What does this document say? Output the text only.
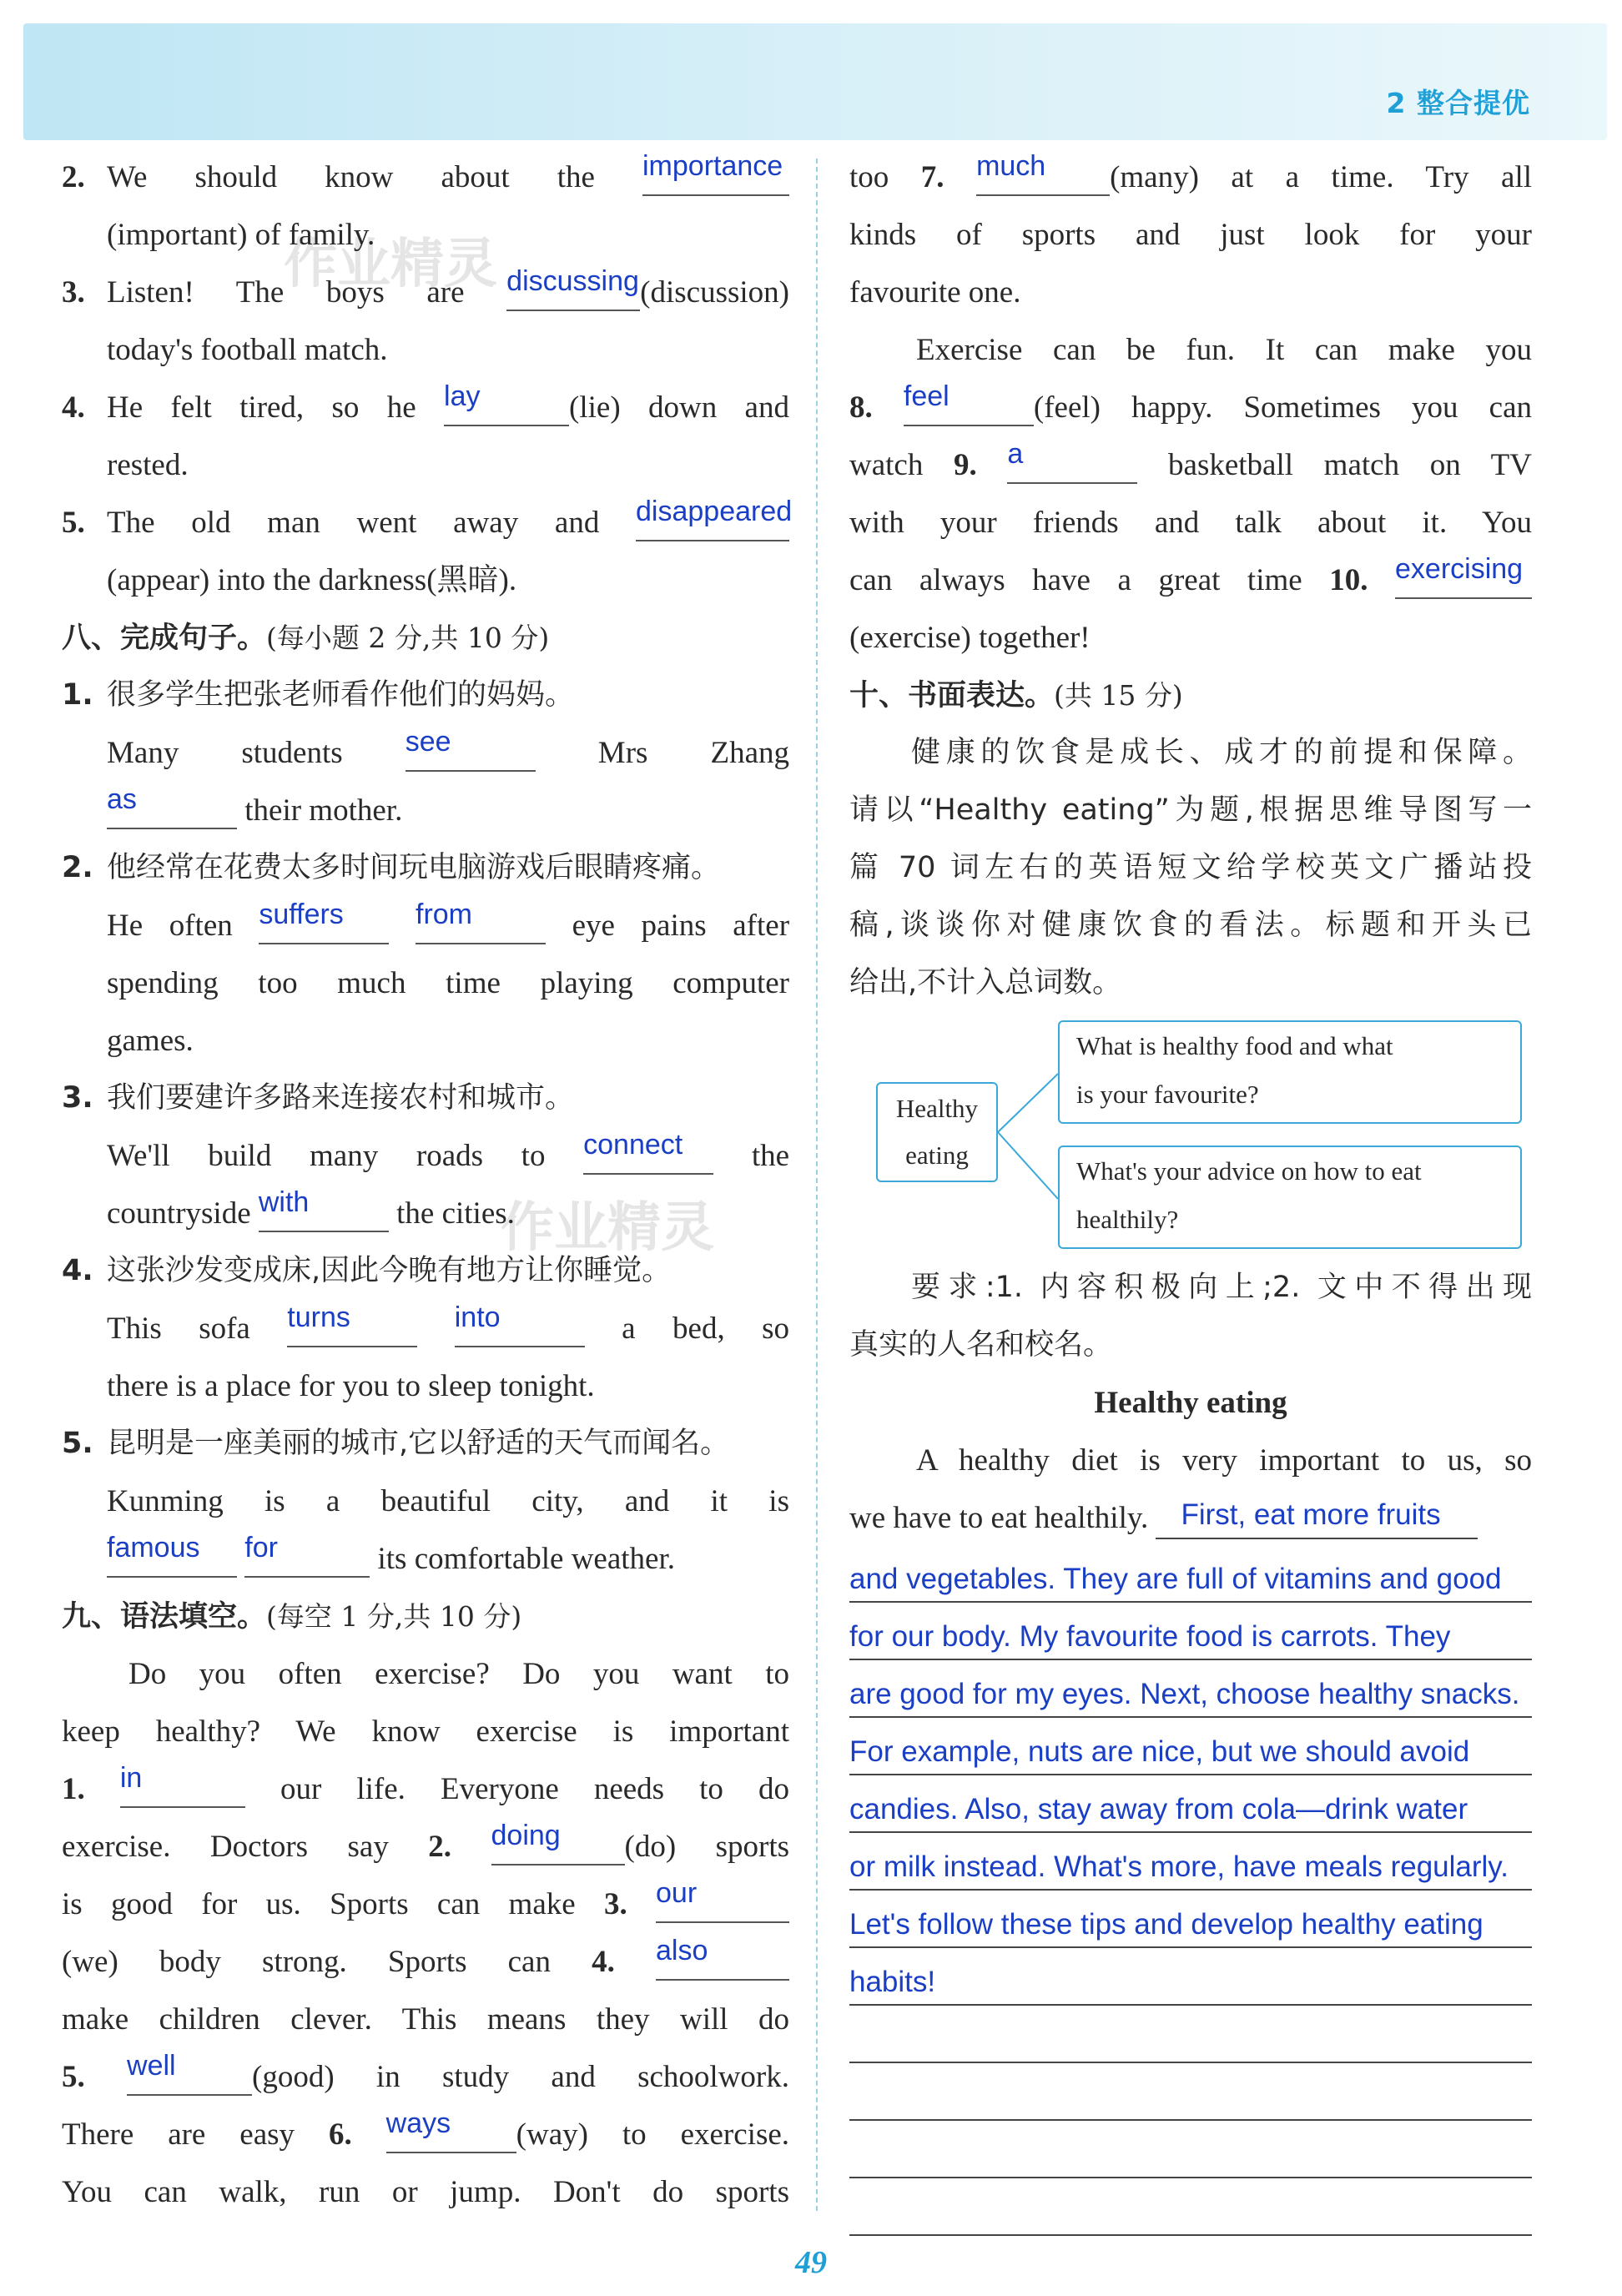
2 整合提优
作业精灵
作业精灵
2. We should know about the importance
(important) of family.
3. Listen! The boys are discussing(discussion)
today's football match.
4. He felt tired, so he lay	(lie) down and
rested.
5. The old man went away and disappeared
(appear) into the darkness(黑暗).
八、完成句子。(每小题 2 分,共 10 分)
1. 很多学生把张老师看作他们的妈妈。
Many students see	Mrs Zhang
as	their mother.
2. 他经常在花费太多时间玩电脑游戏后眼睛疼痛。
He often suffers	from	eye pains after
spending too much time playing computer
games.
3. 我们要建许多路来连接农村和城市。
We'll build many roads to connect the
countryside with	the cities.
4. 这张沙发变成床,因此今晚有地方让你睡觉。
This sofa turns	into	a bed, so
there is a place for you to sleep tonight.
5. 昆明是一座美丽的城市,它以舒适的天气而闻名。
Kunming is a beautiful city, and it is
famous for	its comfortable weather.
九、语法填空。(每空 1 分,共 10 分)
Do you often exercise? Do you want to
keep healthy? We know exercise is important
1. in	our life. Everyone needs to do
exercise. Doctors say 2. doing (do) sports
is good for us. Sports can make 3. our
(we) body strong. Sports can 4. also
make children clever. This means they will do
5. well (good) in study and schoolwork.
There are easy 6. ways (way) to exercise.
You can walk, run or jump. Don't do sports
too 7. much (many) at a time. Try all
kinds of sports and just look for your
favourite one.
Exercise can be fun. It can make you
8. feel	(feel) happy. Sometimes you can
watch 9. a	basketball match on TV
with your friends and talk about it. You
can always have a great time 10. exercising
(exercise) together!
十、书面表达。(共 15 分)
健康的饮食是成长、成才的前提和保障。
请以“Healthy eating”为题,根据思维导图写一
篇 70 词左右的英语短文给学校英文广播站投
稿,谈谈你对健康饮食的看法。标题和开头已
给出,不计入总词数。
Healthy
eating
What is healthy food and what
is your favourite?
What's your advice on how to eat
healthily?
要求:1. 内容积极向上;2. 文中不得出现
真实的人名和校名。
Healthy eating
A healthy diet is very important to us, so
we have to eat healthily. First, eat more fruits
and vegetables. They are full of vitamins and good
for our body. My favourite food is carrots. They
are good for my eyes. Next, choose healthy snacks.
For example, nuts are nice, but we should avoid
candies. Also, stay away from cola—drink water
or milk instead. What's more, have meals regularly.
Let's follow these tips and develop healthy eating
habits!
49
